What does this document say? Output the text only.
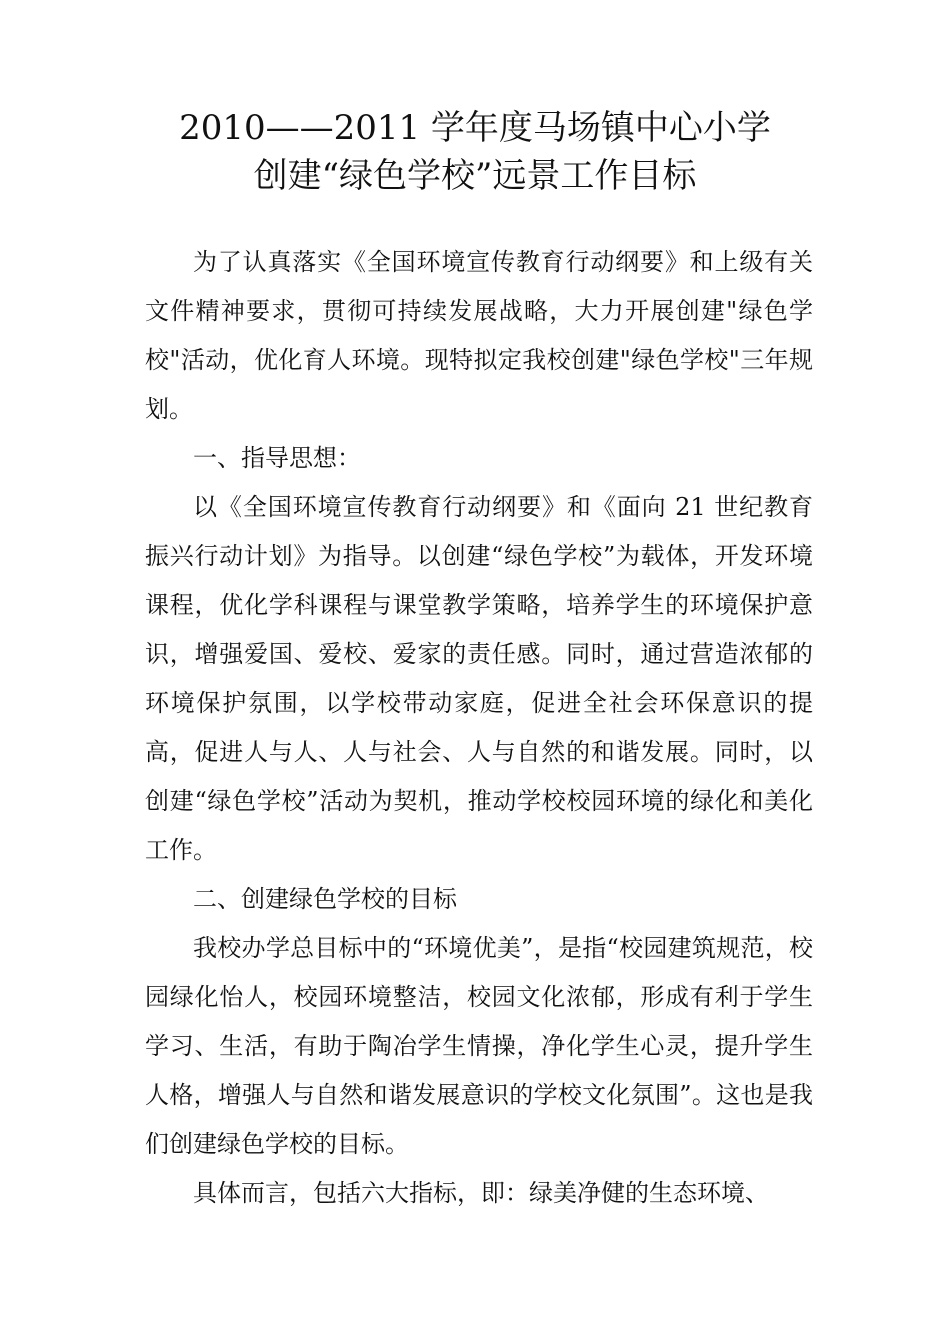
2010——2011 学年度马场镇中心小学
创建“绿色学校”远景工作目标

为了认真落实《全国环境宣传教育行动纲要》和上级有关文件精神要求，贯彻可持续发展战略，大力开展创建"绿色学校"活动，优化育人环境。现特拟定我校创建"绿色学校"三年规划。

一、指导思想：

以《全国环境宣传教育行动纲要》和《面向 21 世纪教育振兴行动计划》为指导。以创建“绿色学校”为载体，开发环境课程，优化学科课程与课堂教学策略，培养学生的环境保护意识，增强爱国、爱校、爱家的责任感。同时，通过营造浓郁的环境保护氛围，以学校带动家庭，促进全社会环保意识的提高，促进人与人、人与社会、人与自然的和谐发展。同时，以创建“绿色学校”活动为契机，推动学校校园环境的绿化和美化工作。

二、创建绿色学校的目标

我校办学总目标中的“环境优美”，是指“校园建筑规范，校园绿化怡人，校园环境整洁，校园文化浓郁，形成有利于学生学习、生活，有助于陶冶学生情操，净化学生心灵，提升学生人格，增强人与自然和谐发展意识的学校文化氛围”。这也是我们创建绿色学校的目标。

具体而言，包括六大指标，即：绿美净健的生态环境、
